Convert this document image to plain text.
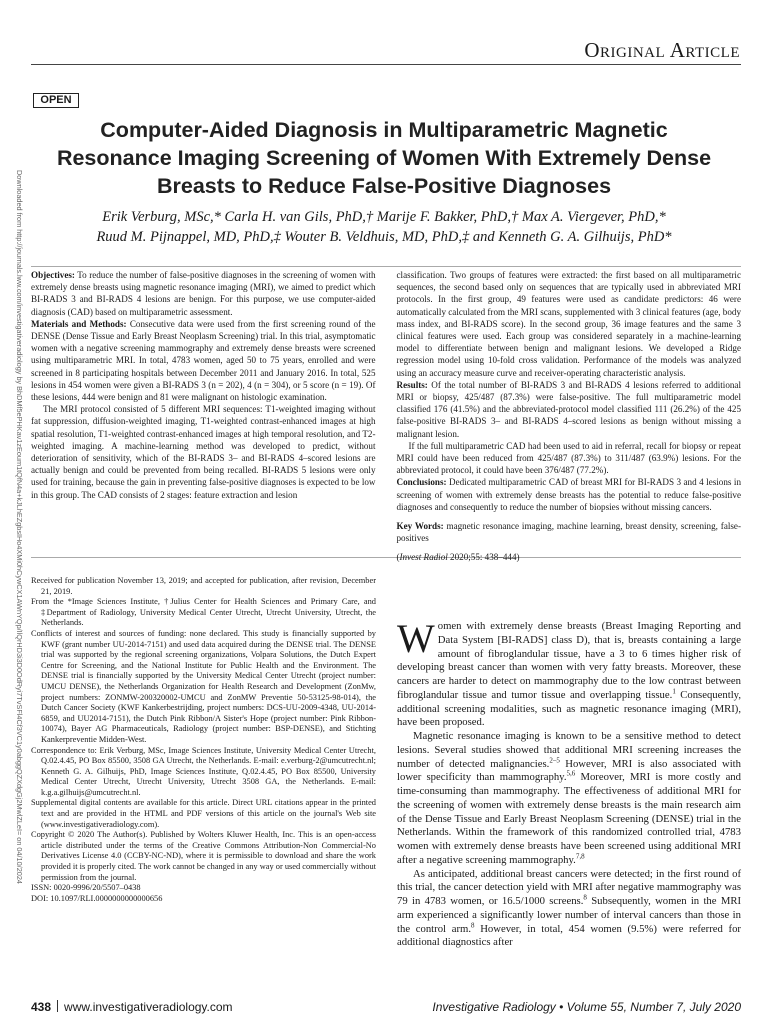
Original Article
OPEN
Computer-Aided Diagnosis in Multiparametric Magnetic Resonance Imaging Screening of Women With Extremely Dense Breasts to Reduce False-Positive Diagnoses
Erik Verburg, MSc,* Carla H. van Gils, PhD,† Marije F. Bakker, PhD,† Max A. Viergever, PhD,*
Ruud M. Pijnappel, MD, PhD,‡ Wouter B. Veldhuis, MD, PhD,‡ and Kenneth G. A. Gilhuijs, PhD*
Downloaded from http://journals.lww.com/investigativeradiology by BhDMf5ePHKav1zEoum1tQfN4a+kJLhEZgbsIHo4XMi0hCywCX1AWnYQp/IlQrHD3i3D0OdRyi7TvSFl4Cf3VC1y0abggQZXdgGj2MwlZLeI= on 04/10/2024 Objectives: To reduce the number of false-positive diagnoses in the screening of women with extremely dense breasts using magnetic resonance imaging (MRI), we aimed to predict which BI-RADS 3 and BI-RADS 4 lesions are benign. For this purpose, we use computer-aided diagnosis (CAD) based on multiparametric assessment.

Materials and Methods: Consecutive data were used from the first screening round of the DENSE (Dense Tissue and Early Breast Neoplasm Screening) trial. In this trial, asymptomatic women with a negative screening mammography and extremely dense breasts were screened using multiparametric MRI. In total, 4783 women, aged 50 to 75 years, enrolled and were screened in 8 participating hospitals between December 2011 and January 2016. In total, 525 lesions in 454 women were given a BI-RADS 3 (n = 202), 4 (n = 304), or 5 score (n = 19). Of these lesions, 444 were benign and 81 were malignant on histologic examination.

The MRI protocol consisted of 5 different MRI sequences: T1-weighted imaging without fat suppression, diffusion-weighted imaging, T1-weighted contrast-enhanced images at high spatial resolution, T1-weighted contrast-enhanced images at high temporal resolution, and T2-weighted imaging. A machine-learning method was developed to predict, without deterioration of sensitivity, which of the BI-RADS 3– and BI-RADS 4–scored lesions are actually benign and could be prevented from being recalled. BI-RADS 5 lesions were only used for training, because the gain in preventing false-positive diagnoses is expected to be low in this group. The CAD consists of 2 stages: feature extraction and lesion

classification. Two groups of features were extracted: the first based on all multiparametric sequences, the second based only on sequences that are typically used in abbreviated MRI protocols. In the first group, 49 features were used as candidate predictors: 46 were automatically calculated from the MRI scans, supplemented with 3 clinical features (age, body mass index, and BI-RADS score). In the second group, 36 image features and the same 3 clinical features were used. Each group was considered separately in a machine-learning model to differentiate between benign and malignant lesions. We developed a Ridge regression model using 10-fold cross validation. Performance of the models was analyzed using an accuracy measure curve and receiver-operating characteristic analysis.

Results: Of the total number of BI-RADS 3 and BI-RADS 4 lesions referred to additional MRI or biopsy, 425/487 (87.3%) were false-positive. The full multiparametric model classified 176 (41.5%) and the abbreviated-protocol model classified 111 (26.2%) of the 425 false-positive BI-RADS 3– and BI-RADS 4–scored lesions as benign without missing a malignant lesion.

If the full multiparametric CAD had been used to aid in referral, recall for biopsy or repeat MRI could have been reduced from 425/487 (87.3%) to 311/487 (63.9%) lesions. For the abbreviated protocol, it could have been 376/487 (77.2%).

Conclusions: Dedicated multiparametric CAD of breast MRI for BI-RADS 3 and 4 lesions in screening of women with extremely dense breasts has the potential to reduce false-positive diagnoses and consequently to reduce the number of biopsies without missing cancers.

Key Words: magnetic resonance imaging, machine learning, breast density, screening, false-positives

(Invest Radiol 2020;55: 438–444)

Received for publication November 13, 2019; and accepted for publication, after revision, December 21, 2019.

From the *Image Sciences Institute, †Julius Center for Health Sciences and Primary Care, and ‡Department of Radiology, University Medical Center Utrecht, Utrecht University, Utrecht, the Netherlands.

Conflicts of interest and sources of funding: none declared. This study is financially supported by KWF (grant number UU-2014-7151) and used data acquired during the DENSE trial. The DENSE trial was supported by the regional screening organizations, Volpara Solutions, the Dutch Expert Centre for Screening, and the National Institute for Public Health and the Environment. The DENSE trial is financially supported by the University Medical Center Utrecht (project number: UMCU DENSE), the Netherlands Organization for Health Research and Development (ZonMw, project numbers: ZONMW-200320002-UMCU and ZonMW Preventie 50-53125-98-014), the Dutch Cancer Society (KWF Kankerbestrijding, project numbers: DCS-UU-2009-4348, UU-2014-6859, and UU2014-7151), the Dutch Pink Ribbon/A Sister's Hope (project number: Pink Ribbon-10074), Bayer AG Pharmaceuticals, Radiology (project number: BSP-DENSE), and Stichting Kankerpreventie Midden-West.

Correspondence to: Erik Verburg, MSc, Image Sciences Institute, University Medical Center Utrecht, Q.02.4.45, PO Box 85500, 3508 GA Utrecht, the Netherlands. E-mail: e.verburg-2@umcutrecht.nl; Kenneth G. A. Gilhuijs, PhD, Image Sciences Institute, Q.02.4.45, PO Box 85500, University Medical Center Utrecht, Utrecht University, Utrecht 3508 GA, the Netherlands. E-mail: k.g.a.gilhuijs@umcutrecht.nl.

Supplemental digital contents are available for this article. Direct URL citations appear in the printed text and are provided in the HTML and PDF versions of this article on the journal's Web site (www.investigativeradiology.com).

Copyright © 2020 The Author(s). Published by Wolters Kluwer Health, Inc. This is an open-access article distributed under the terms of the Creative Commons Attribution-Non Commercial-No Derivatives License 4.0 (CCBY-NC-ND), where it is permissible to download and share the work provided it is properly cited. The work cannot be changed in any way or used commercially without permission from the journal.

ISSN: 0020-9996/20/5507–0438

DOI: 10.1097/RLI.0000000000000656

Women with extremely dense breasts (Breast Imaging Reporting and Data System [BI-RADS] class D), that is, breasts containing a large amount of fibroglandular tissue, have a 3 to 6 times higher risk of developing breast cancer than women with very fatty breasts. Moreover, these cancers are harder to detect on mammography due to the low contrast between fibroglandular tissue and tumor tissue and overlapping tissue.$^1$ Consequently, additional screening modalities, such as magnetic resonance imaging (MRI), have been proposed.

Magnetic resonance imaging is known to be a sensitive method to detect lesions. Several studies showed that additional MRI screening increases the number of detected malignancies.$^{2-5}$ However, MRI is also associated with lower specificity than mammography.$^{5,6}$ Moreover, MRI is more costly and time-consuming than mammography. The effectiveness of additional MRI for the screening of women with extremely dense breasts is the main research aim of the Dense Tissue and Early Breast Neoplasm Screening (DENSE) trial in the Netherlands. Within the framework of this randomized controlled trial, 4783 women with extremely dense breasts have been screened using additional MRI after a negative screening mammography.$^{7,8}$

As anticipated, additional breast cancers were detected; in the first round of this trial, the cancer detection yield with MRI after negative mammography was 79 in 4783 women, or 16.5/1000 screens.$^8$ Subsequently, women in the MRI arm experienced a significantly lower number of interval cancers than those in the control arm.$^8$ However, in total, 454 women (9.5%) were referred for additional diagnostics after

438 www.investigativeradiology.com	Investigative Radiology • Volume 55, Number 7, July 2020
